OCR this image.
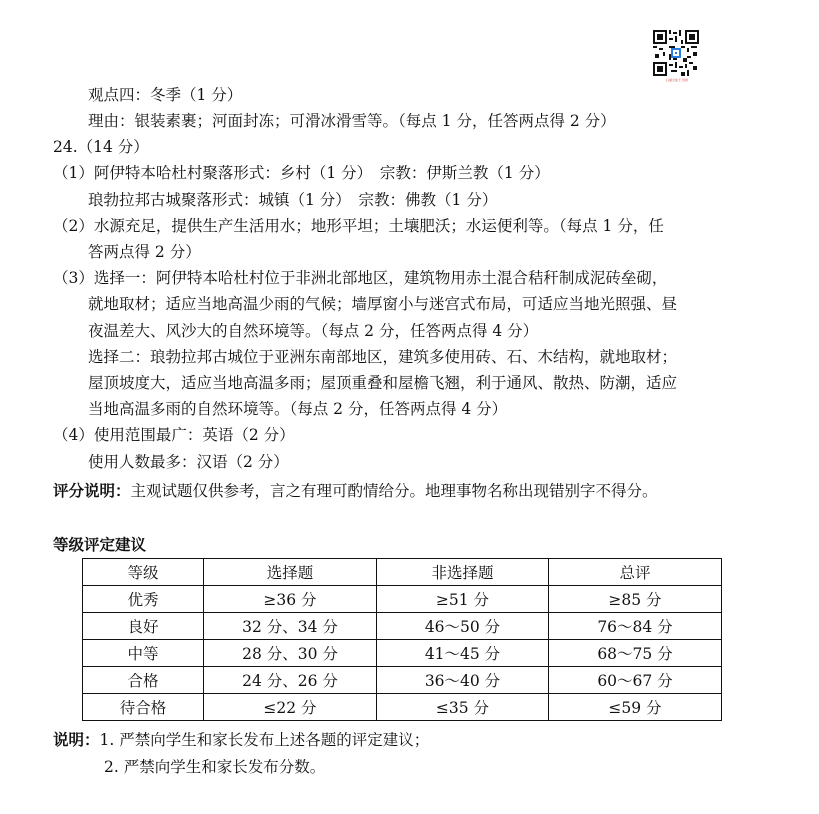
扫描全能王 创建
观点四：冬季（1 分）
理由：银装素裹；河面封冻；可滑冰滑雪等。（每点 1 分，任答两点得 2 分）
24.（14 分）
（1）阿伊特本哈杜村聚落形式：乡村（1 分）　宗教：伊斯兰教（1 分）
琅勃拉邦古城聚落形式：城镇（1 分）　宗教：佛教（1 分）
（2）水源充足，提供生产生活用水；地形平坦；土壤肥沃；水运便利等。（每点 1 分，任
答两点得 2 分）
（3）选择一：阿伊特本哈杜村位于非洲北部地区，建筑物用赤土混合秸秆制成泥砖垒砌，
就地取材；适应当地高温少雨的气候；墙厚窗小与迷宫式布局，可适应当地光照强、昼
夜温差大、风沙大的自然环境等。（每点 2 分，任答两点得 4 分）
选择二：琅勃拉邦古城位于亚洲东南部地区，建筑多使用砖、石、木结构，就地取材；
屋顶坡度大，适应当地高温多雨；屋顶重叠和屋檐飞翘，利于通风、散热、防潮，适应
当地高温多雨的自然环境等。（每点 2 分，任答两点得 4 分）
（4）使用范围最广：英语（2 分）
使用人数最多：汉语（2 分）
评分说明：主观试题仅供参考，言之有理可酌情给分。地理事物名称出现错别字不得分。
等级评定建议
等级	选择题	非选择题	总评
优秀	≥36 分	≥51 分	≥85 分
良好	32 分、34 分	46～50 分	76～84 分
中等	28 分、30 分	41～45 分	68～75 分
合格	24 分、26 分	36～40 分	60～67 分
待合格	≤22 分	≤35 分	≤59 分
说明：1. 严禁向学生和家长发布上述各题的评定建议；
2. 严禁向学生和家长发布分数。
